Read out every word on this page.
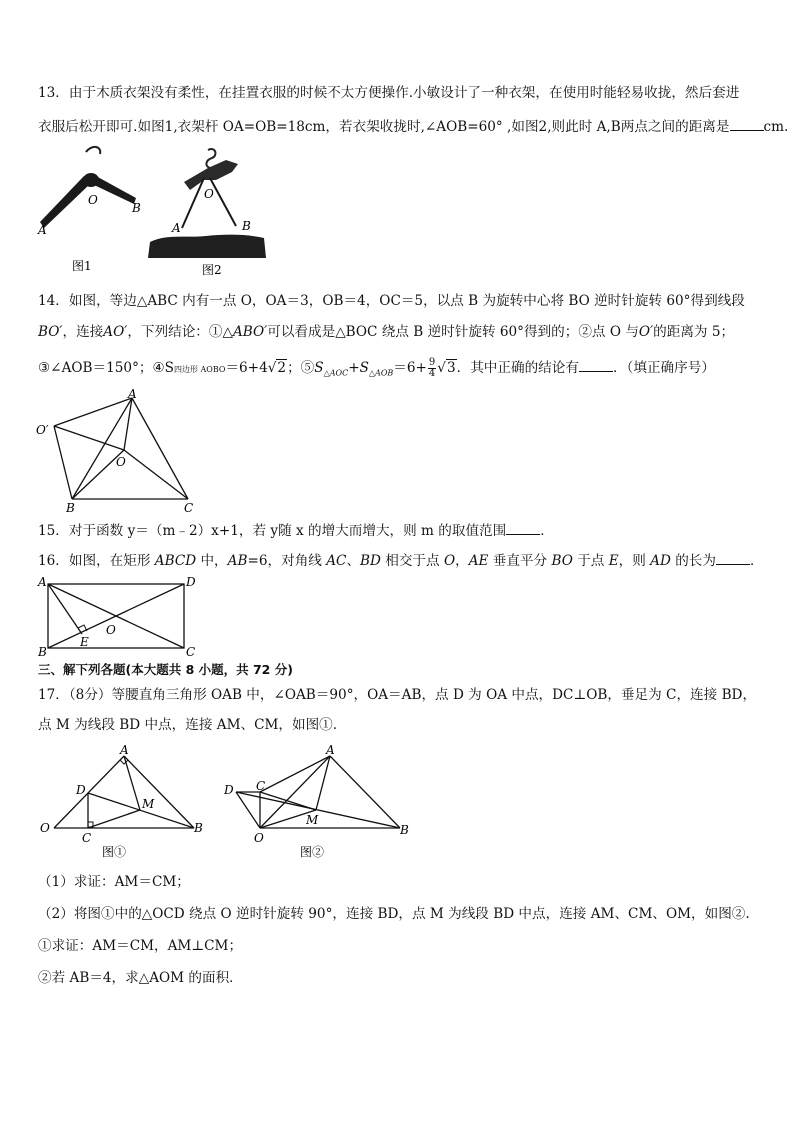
13．由于木质衣架没有柔性，在挂置衣服的时候不太方便操作.小敏设计了一种衣架，在使用时能轻易收拢，然后套进
衣服后松开即可.如图1,衣架杆 OA=OB=18cm，若衣架收拢时,∠AOB=60° ,如图2,则此时 A,B两点之间的距离是	cm.
O
A
B
图1
O
A	B
图2
14．如图，等边△ABC 内有一点 O，OA＝3，OB＝4，OC＝5，以点 B 为旋转中心将 BO 逆时针旋转 60°得到线段
BO′，连接AO′，下列结论：①△ABO′可以看成是△BOC 绕点 B 逆时针旋转 60°得到的；②点 O 与O′的距离为 5；
③∠AOB＝150°；④S四边形 AOBO＝6+4√2；$⑤S_{\triangle AOC}+S_{\triangle AOB}=6+ \frac{9}{4} √3$．其中正确的结论有	．（填正确序号）
A
O′
O
B	C
15．对于函数 y＝（m﹣2）x+1，若 y随 x 的增大而增大，则 m 的取值范围	．
16．如图，在矩形 ABCD 中，AB=6，对角线 AC、BD 相交于点 O，AE 垂直平分 BO 于点 E，则 AD 的长为	．
A	D
B	C
E
O
三、解下列各题(本大题共 8 小题，共 72 分)
17．（8分）等腰直角三角形 OAB 中，∠OAB＝90°，OA＝AB，点 D 为 OA 中点，DC⊥OB，垂足为 C，连接 BD，
点 M 为线段 BD 中点，连接 AM、CM，如图①.
A
D
M
O
C
B
图①
A
D C
M
O
B
图②
（1）求证：AM＝CM；
（2）将图①中的△OCD 绕点 O 逆时针旋转 90°，连接 BD，点 M 为线段 BD 中点，连接 AM、CM、OM，如图②.
①求证：AM＝CM，AM⊥CM；
②若 AB＝4，求△AOM 的面积．
